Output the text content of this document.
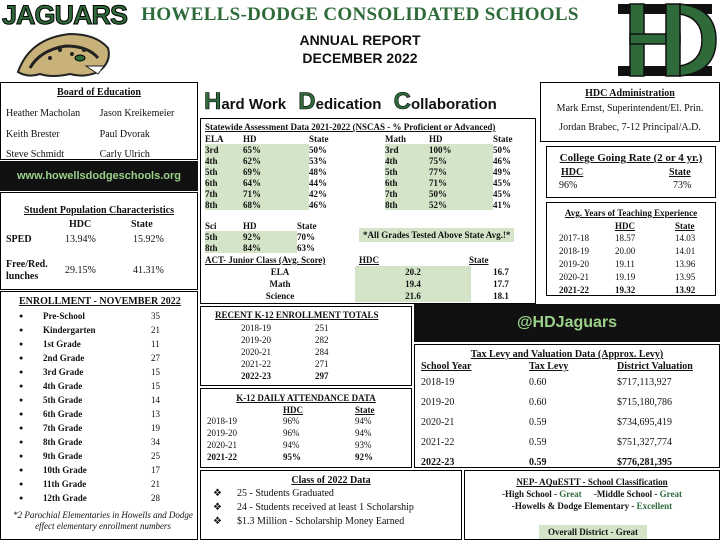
JAGUARS HOWELLS-DODGE CONSOLIDATED SCHOOLS
ANNUAL REPORT
DECEMBER 2022
Board of Education
Heather Macholan	Jason Kreikemeier
Keith Brester	Paul Dvorak
Steve Schmidt	Carly Ulrich
www.howellsdodgeschools.org
Student Population Characteristics
HDC	State
SPED	13.94%	15.92%
Free/Red.
lunches
29.15%	41.31%
ENROLLMENT - NOVEMBER 2022
●	Pre-School	35
●	Kindergarten	21
●	1st Grade	11
●	2nd Grade	27
●	3rd Grade	15
●	4th Grade	15
●	5th Grade	14
●	6th Grade	13
●	7th Grade	19
●	8th Grade	34
●	9th Grade	25
●	10th Grade	17
●	11th Grade	21
●	12th Grade	28
*2 Parochial Elementaries in Howells and Dodge effect elementary enrollment numbers
Hard Work Dedication Collaboration
Statewide Assessment Data 2021-2022 (NSCAS - % Proficient or Advanced)
ELA	HD	State
3rd	65%	50%
4th	62%	53%
5th	69%	48%
6th	64%	44%
7th	71%	42%
8th	68%	46%
Math	HD	State
3rd	100%	50%
4th	75%	46%
5th	77%	49%
6th	71%	45%
7th	50%	45%
8th	52%	41%
Sci	HD	State
5th	92%	70%
8th	84%	63%
*All Grades Tested Above State Avg.!*
ACT- Junior Class (Avg. Score)	HDC	State
ELA	20.2	16.7
Math	19.4	17.7
Science	21.6	18.1
HDC Administration
Mark Ernst, Superintendent/El. Prin.
Jordan Brabec, 7-12 Principal/A.D.
College Going Rate (2 or 4 yr.)
HDC	State
96%	73%
Avg. Years of Teaching Experience
	HDC	State
2017-18	18.57	14.03
2018-19	20.00	14.01
2019-20	19.11	13.96
2020-21	19.19	13.95
2021-22	19.32	13.92
RECENT K-12 ENROLLMENT TOTALS
2018-19	251
2019-20	282
2020-21	284
2021-22	271
2022-23	297
@HDJaguars
K-12 DAILY ATTENDANCE DATA
	HDC	State
2018-19	96%	94%
2019-20	96%	94%
2020-21	94%	93%
2021-22	95%	92%
Tax Levy and Valuation Data (Approx. Levy)
School Year	Tax Levy	District Valuation
2018-19	0.60	$717,113,927
2019-20	0.60	$715,180,786
2020-21	0.59	$734,695,419
2021-22	0.59	$751,327,774
2022-23	0.59	$776,281,395
Class of 2022 Data
❖ 25 - Students Graduated
❖ 24 - Students received at least 1 Scholarship
❖ $1.3 Million - Scholarship Money Earned
NEP- AQuESTT - School Classification
-High School - Great -Middle School - Great
-Howells & Dodge Elementary - Excellent
Overall District - Great
